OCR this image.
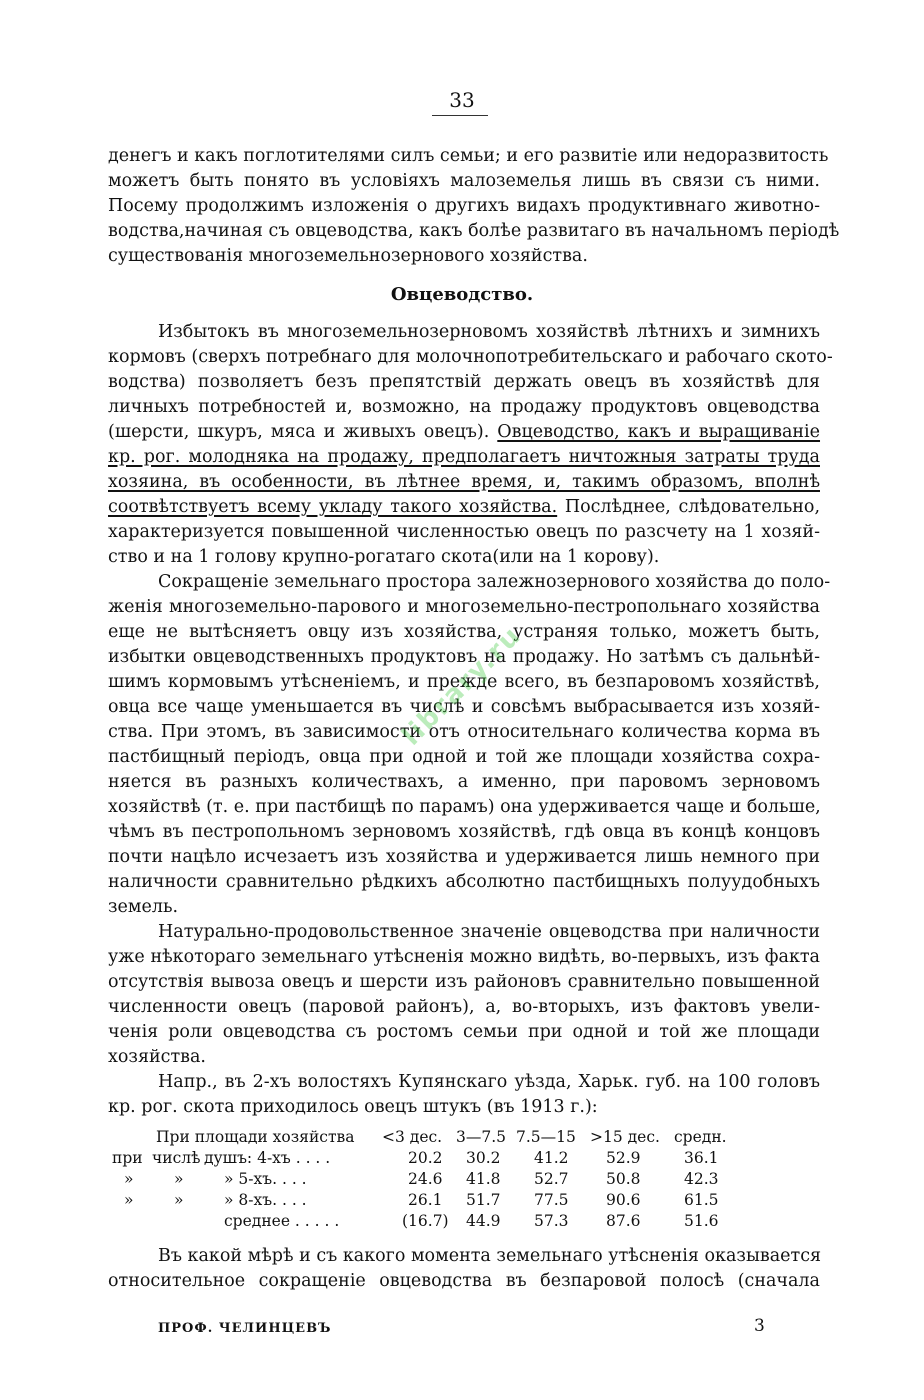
33
денегъ и какъ поглотителями силъ семьи; и его развитіе или недоразвитость
можетъ быть понято въ условіяхъ малоземелья лишь въ связи съ ними.
Посему продолжимъ изложенія о другихъ видахъ продуктивнаго животно-
водства,начиная съ овцеводства, какъ болѣе развитаго въ начальномъ періодѣ
существованія многоземельнозернового хозяйства.
Овцеводство.
Избытокъ въ многоземельнозерновомъ хозяйствѣ лѣтнихъ и зимнихъ
кормовъ (сверхъ потребнаго для молочнопотребительскаго и рабочаго ското-
водства) позволяетъ безъ препятствій держать овецъ въ хозяйствѣ для
личныхъ потребностей и, возможно, на продажу продуктовъ овцеводства
(шерсти, шкуръ, мяса и живыхъ овецъ). Овцеводство, какъ и выращиваніе
кр. рог. молодняка на продажу, предполагаетъ ничтожныя затраты труда
хозяина, въ особенности, въ лѣтнее время, и, такимъ образомъ, вполнѣ
соотвѣтствуетъ всему укладу такого хозяйства. Послѣднее, слѣдовательно,
характеризуется повышенной численностью овецъ по разсчету на 1 хозяй-
ство и на 1 голову крупно-рогатаго скота(или на 1 корову).
Сокращеніе земельнаго простора залежнозернового хозяйства до поло-
женія многоземельно-парового и многоземельно-пестропольнаго хозяйства
еще не вытѣсняетъ овцу изъ хозяйства, устраняя только, можетъ быть,
избытки овцеводственныхъ продуктовъ на продажу. Но затѣмъ съ дальнѣй-
шимъ кормовымъ утѣсненіемъ, и прежде всего, въ безпаровомъ хозяйствѣ,
овца все чаще уменьшается въ числѣ и совсѣмъ выбрасывается изъ хозяй-
ства. При этомъ, въ зависимости отъ относительнаго количества корма въ
пастбищный періодъ, овца при одной и той же площади хозяйства сохра-
няется въ разныхъ количествахъ, а именно, при паровомъ зерновомъ
хозяйствѣ (т. е. при пастбищѣ по парамъ) она удерживается чаще и больше,
чѣмъ въ пестропольномъ зерновомъ хозяйствѣ, гдѣ овца въ концѣ концовъ
почти нацѣло исчезаетъ изъ хозяйства и удерживается лишь немного при
наличности сравнительно рѣдкихъ абсолютно пастбищныхъ полуудобныхъ
земель.
Натурально-продовольственное значеніе овцеводства при наличности
уже нѣкотораго земельнаго утѣсненія можно видѣть, во-первыхъ, изъ факта
отсутствія вывоза овецъ и шерсти изъ районовъ сравнительно повышенной
численности овецъ (паровой районъ), а, во-вторыхъ, изъ фактовъ увели-
ченія роли овцеводства съ ростомъ семьи при одной и той же площади
хозяйства.
Напр., въ 2-хъ волостяхъ Купянскаго уѣзда, Харьк. губ. на 100 головъ
кр. рог. скота приходилось овецъ штукъ (въ 1913 г.):
При площади хозяйства <3 дес. 3—7.5 7.5—15 >15 дес. средн.
при числѣ душъ: 4-хъ . . . .	20.2 30.2 41.2 52.9	36.1
»	»	» 5-хъ. . . .	24.6 41.8 52.7 50.8	42.3
»	»	» 8-хъ. . . .	26.1 51.7 77.5 90.6	61.5
среднее . . . . .	(16.7) 44.9 57.3 87.6	51.6
Въ какой мѣрѣ и съ какого момента земельнаго утѣсненія оказывается
относительное сокращеніе овцеводства въ безпаровой полосѣ (сначала
ПРОФ. ЧЕЛИНЦЕВЪ	3
library.ru
